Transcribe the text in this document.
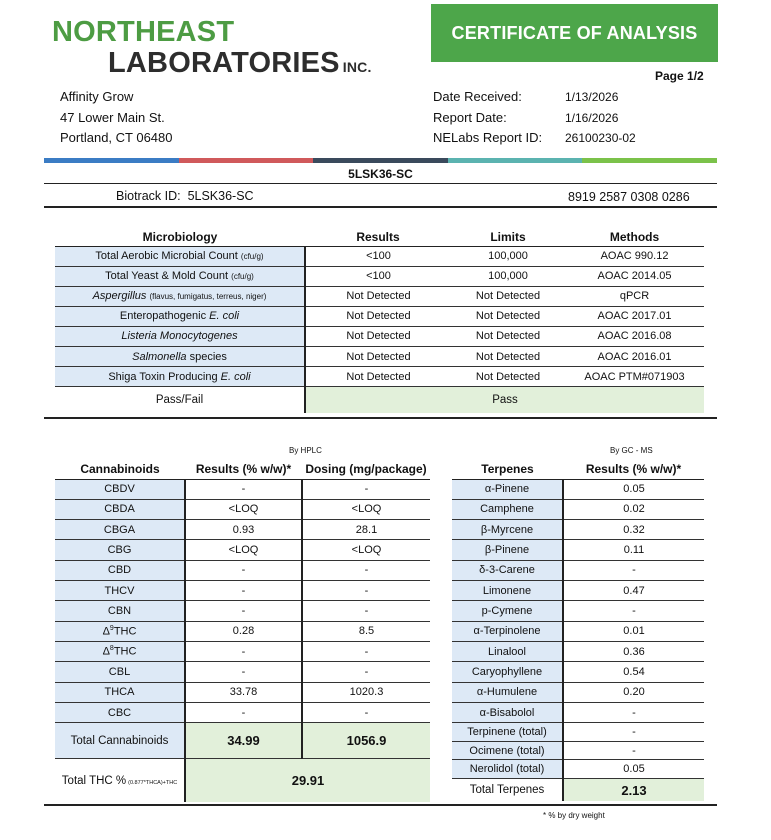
NORTHEAST
LABORATORIES INC.
CERTIFICATE OF ANALYSIS
Page 1/2
Affinity Grow
47 Lower Main St.
Portland, CT 06480
Date Received:	1/13/2026
Report Date:	1/16/2026
NELabs Report ID:	26100230-02
5LSK36-SC
Biotrack ID: 5LSK36-SC	8919 2587 0308 0286
Microbiology	Results	Limits	Methods
Total Aerobic Microbial Count (cfu/g)	<100	100,000	AOAC 990.12
Total Yeast & Mold Count (cfu/g)	<100	100,000	AOAC 2014.05
Aspergillus (flavus, fumigatus, terreus, niger)	Not Detected	Not Detected	qPCR
Enteropathogenic E. coli	Not Detected	Not Detected	AOAC 2017.01
Listeria Monocytogenes	Not Detected	Not Detected	AOAC 2016.08
Salmonella species	Not Detected	Not Detected	AOAC 2016.01
Shiga Toxin Producing E. coli	Not Detected	Not Detected	AOAC PTM#071903
Pass/Fail	Pass		
By HPLC
Cannabinoids	Results (% w/w)*	Dosing (mg/package)
CBDV	-	-
CBDA	<LOQ	<LOQ
CBGA	0.93	28.1
CBG	<LOQ	<LOQ
CBD	-	-
THCV	-	-
CBN	-	-
$\Delta^9THC$	0.28	8.5
$\Delta^8THC$	-	-
CBL	-	-
THCA	33.78	1020.3
CBC	-	-
Total Cannabinoids	34.99	1056.9
Total THC % (0.877*THCA)+THC	29.91	
By GC - MS
Terpenes	Results (% w/w)*
α-Pinene	0.05
Camphene	0.02
β-Myrcene	0.32
β-Pinene	0.11
δ-3-Carene	-
Limonene	0.47
p-Cymene	-
α-Terpinolene	0.01
Linalool	0.36
Caryophyllene	0.54
α-Humulene	0.20
α-Bisabolol	-
Terpinene (total)	-
Ocimene (total)	-
Nerolidol (total)	0.05
Total Terpenes	2.13
* % by dry weight
